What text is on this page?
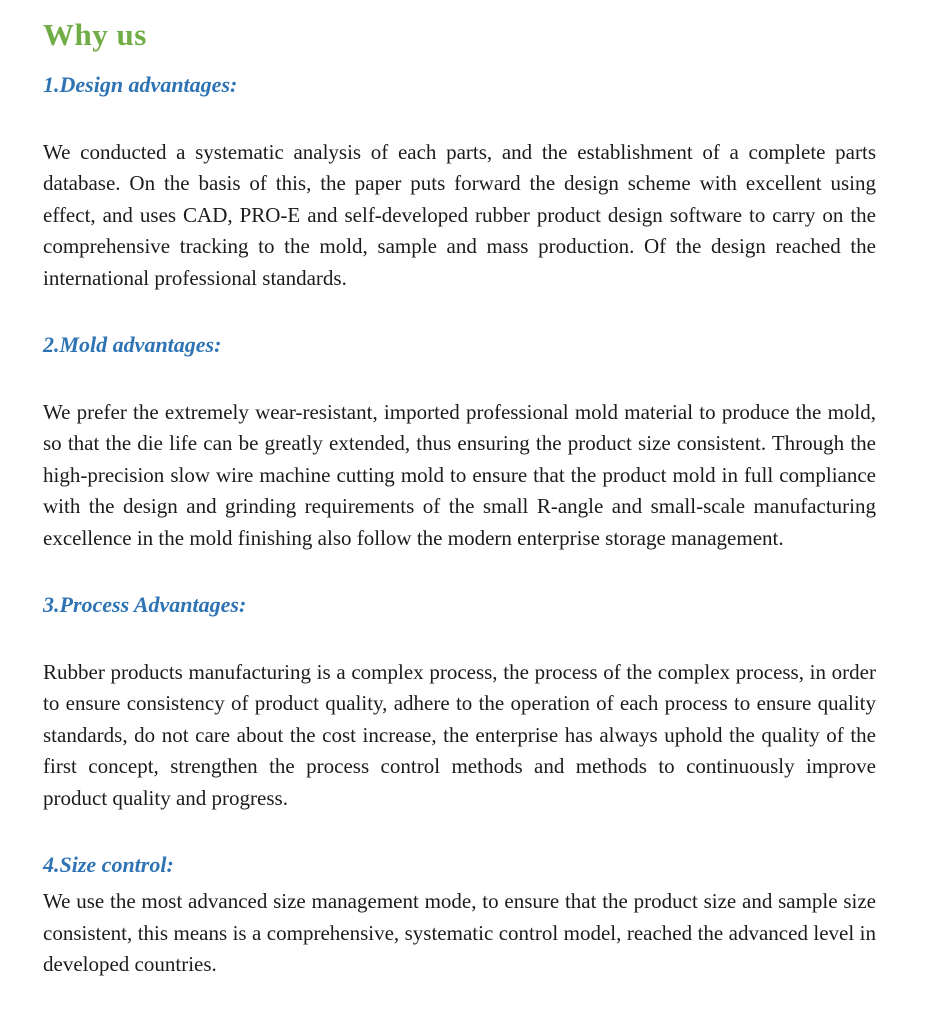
Why us
1.Design advantages:

We conducted a systematic analysis of each parts, and the establishment of a complete parts database. On the basis of this, the paper puts forward the design scheme with excellent using effect, and uses CAD, PRO-E and self-developed rubber product design software to carry on the comprehensive tracking to the mold, sample and mass production. Of the design reached the international professional standards.

2.Mold advantages:

We prefer the extremely wear-resistant, imported professional mold material to produce the mold, so that the die life can be greatly extended, thus ensuring the product size consistent. Through the high-precision slow wire machine cutting mold to ensure that the product mold in full compliance with the design and grinding requirements of the small R-angle and small-scale manufacturing excellence in the mold finishing also follow the modern enterprise storage management.

3.Process Advantages:

Rubber products manufacturing is a complex process, the process of the complex process, in order to ensure consistency of product quality, adhere to the operation of each process to ensure quality standards, do not care about the cost increase, the enterprise has always uphold the quality of the first concept, strengthen the process control methods and methods to continuously improve product quality and progress.

4.Size control:

We use the most advanced size management mode, to ensure that the product size and sample size consistent, this means is a comprehensive, systematic control model, reached the advanced level in developed countries.
